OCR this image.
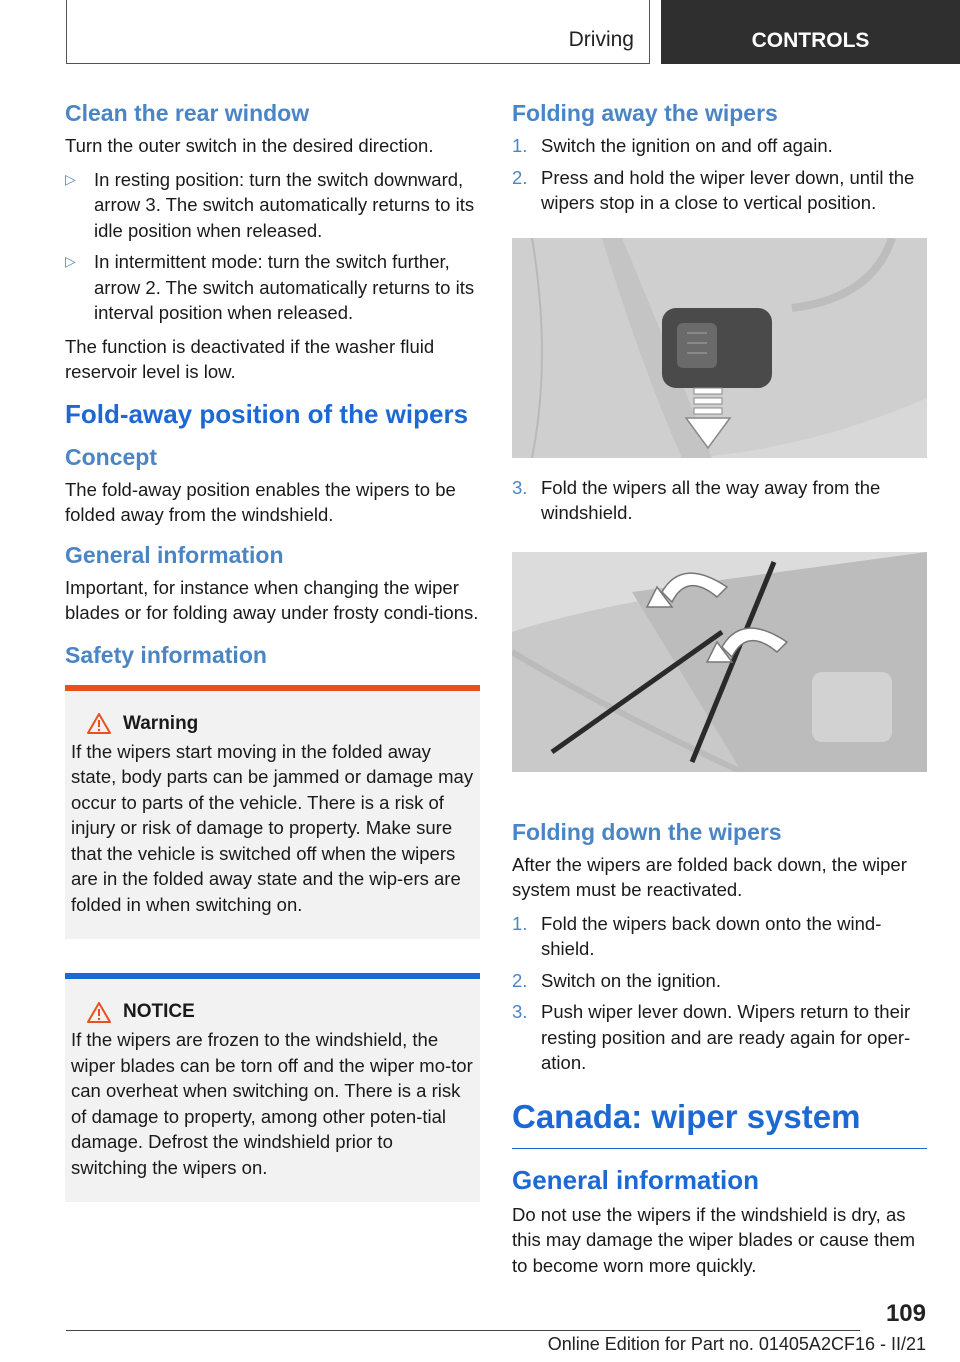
Driving	CONTROLS
Clean the rear window

Turn the outer switch in the desired direction.

▷ In resting position: turn the switch downward, arrow 3. The switch automatically returns to its idle position when released.
▷ In intermittent mode: turn the switch further, arrow 2. The switch automatically returns to its interval position when released.

The function is deactivated if the washer fluid reservoir level is low.

Fold-away position of the wipers
Concept

The fold-away position enables the wipers to be folded away from the windshield.

General information

Important, for instance when changing the wiper blades or for folding away under frosty condi-tions.

Safety information
Warning

If the wipers start moving in the folded away state, body parts can be jammed or damage may occur to parts of the vehicle. There is a risk of injury or risk of damage to property. Make sure that the vehicle is switched off when the wipers are in the folded away state and the wip-ers are folded in when switching on.

NOTICE

If the wipers are frozen to the windshield, the wiper blades can be torn off and the wiper mo-tor can overheat when switching on. There is a risk of damage to property, among other poten-tial damage. Defrost the windshield prior to switching the wipers on.

Folding away the wipers
1. Switch the ignition on and off again.
2. Press and hold the wiper lever down, until the wipers stop in a close to vertical position.
3. Fold the wipers all the way away from the windshield.
Folding down the wipers

After the wipers are folded back down, the wiper system must be reactivated.

1. Fold the wipers back down onto the wind-shield.
2. Switch on the ignition.
3. Push wiper lever down. Wipers return to their resting position and are ready again for oper-ation.
Canada: wiper system
General information

Do not use the wipers if the windshield is dry, as this may damage the wiper blades or cause them to become worn more quickly.

109
Online Edition for Part no. 01405A2CF16 - II/21
